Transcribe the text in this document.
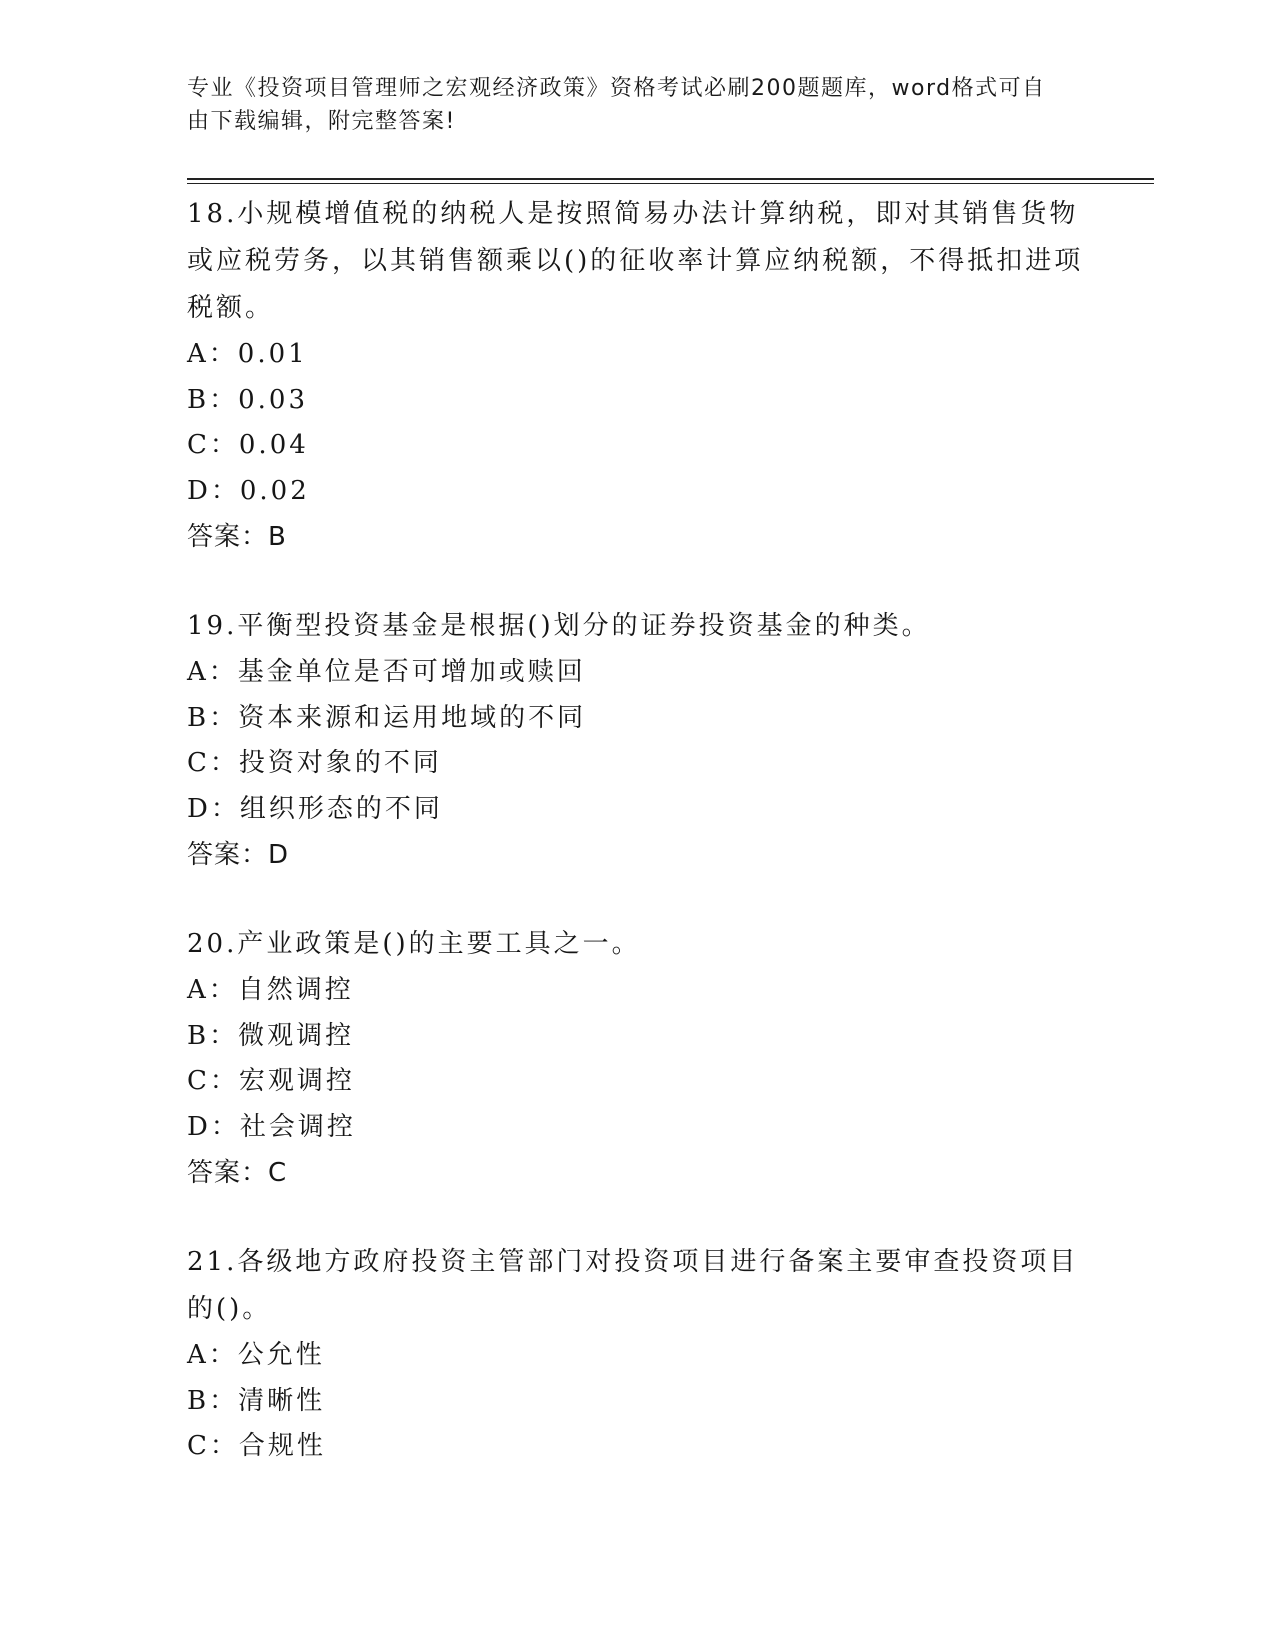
专业《投资项目管理师之宏观经济政策》资格考试必刷200题题库，word格式可自由下载编辑，附完整答案!

18.小规模增值税的纳税人是按照简易办法计算纳税，即对其销售货物或应税劳务，以其销售额乘以()的征收率计算应纳税额，不得抵扣进项税额。

A：0.01

B：0.03

C：0.04

D：0.02

答案：B

19.平衡型投资基金是根据()划分的证券投资基金的种类。

A：基金单位是否可增加或赎回

B：资本来源和运用地域的不同

C：投资对象的不同

D：组织形态的不同

答案：D

20.产业政策是()的主要工具之一。

A：自然调控

B：微观调控

C：宏观调控

D：社会调控

答案：C

21.各级地方政府投资主管部门对投资项目进行备案主要审查投资项目的()。

A：公允性

B：清晰性

C：合规性
